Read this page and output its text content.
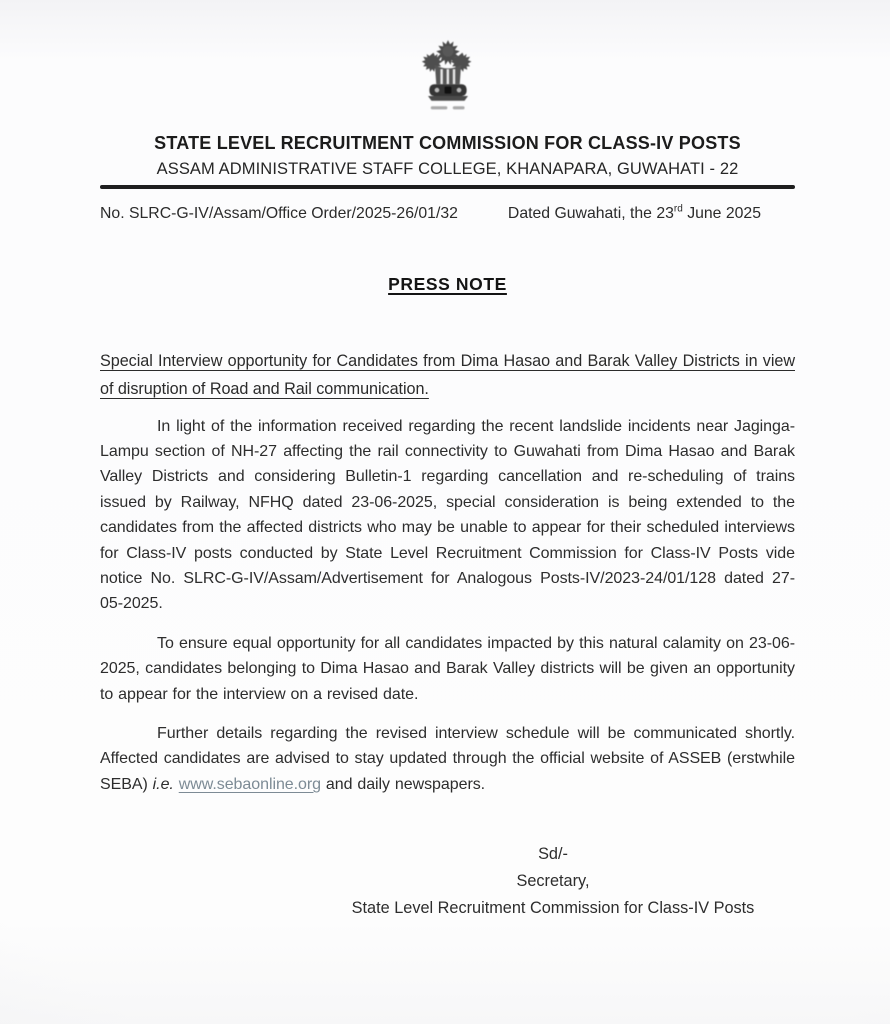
STATE LEVEL RECRUITMENT COMMISSION FOR CLASS-IV POSTS
ASSAM ADMINISTRATIVE STAFF COLLEGE, KHANAPARA, GUWAHATI - 22
No. SLRC-G-IV/Assam/Office Order/2025-26/01/32	Dated Guwahati, the 23rd June 2025
PRESS NOTE
Special Interview opportunity for Candidates from Dima Hasao and Barak Valley Districts in view of disruption of Road and Rail communication.

In light of the information received regarding the recent landslide incidents near Jaginga-Lampu section of NH-27 affecting the rail connectivity to Guwahati from Dima Hasao and Barak Valley Districts and considering Bulletin-1 regarding cancellation and re-scheduling of trains issued by Railway, NFHQ dated 23-06-2025, special consideration is being extended to the candidates from the affected districts who may be unable to appear for their scheduled interviews for Class-IV posts conducted by State Level Recruitment Commission for Class-IV Posts vide notice No. SLRC-G-IV/Assam/Advertisement for Analogous Posts-IV/2023-24/01/128 dated 27-05-2025.

To ensure equal opportunity for all candidates impacted by this natural calamity on 23-06-2025, candidates belonging to Dima Hasao and Barak Valley districts will be given an opportunity to appear for the interview on a revised date.

Further details regarding the revised interview schedule will be communicated shortly. Affected candidates are advised to stay updated through the official website of ASSEB (erstwhile SEBA) i.e. www.sebaonline.org and daily newspapers.

Sd/-
Secretary,
State Level Recruitment Commission for Class-IV Posts
